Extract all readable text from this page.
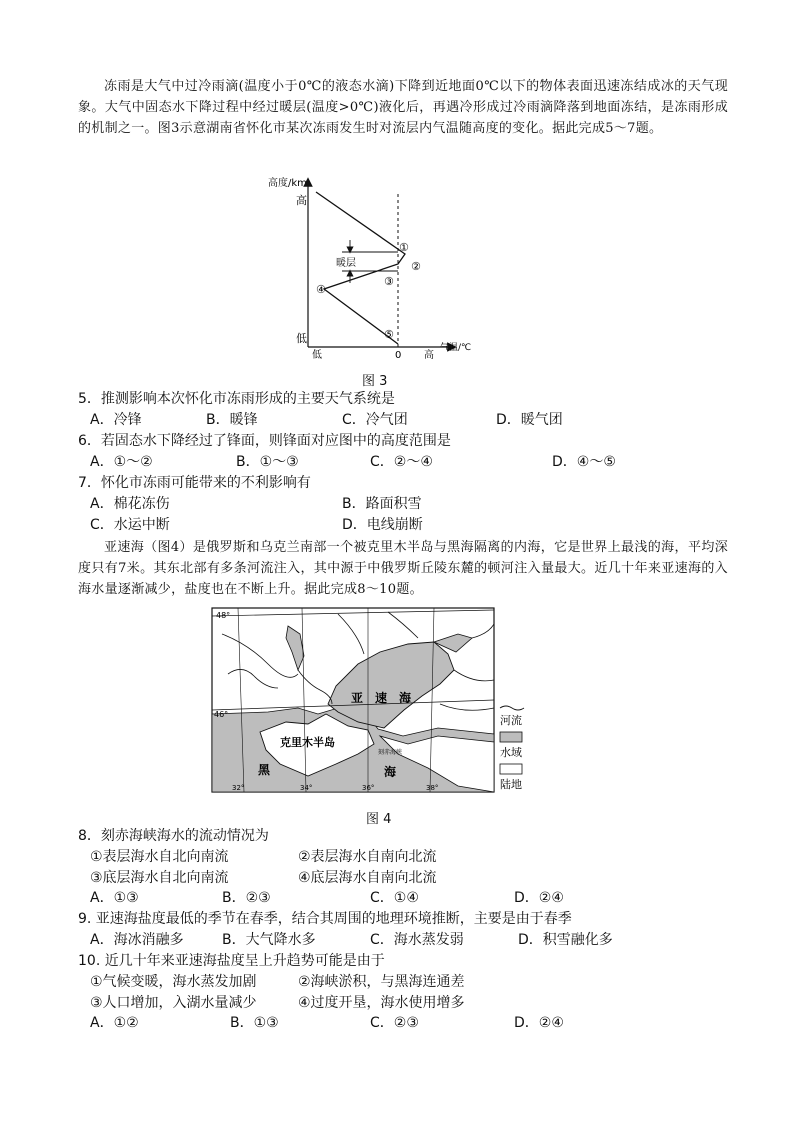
冻雨是大气中过冷雨滴(温度小于0℃的液态水滴)下降到近地面0℃以下的物体表面迅速冻结成冰的天气现象。大气中固态水下降过程中经过暖层(温度>0℃)液化后，再遇冷形成过冷雨滴降落到地面冻结，是冻雨形成的机制之一。图3示意湖南省怀化市某次冻雨发生时对流层内气温随高度的变化。据此完成5～7题。
高度/km
高
低
暖层
①
②
③
④
⑤
低	0 高
气温/℃
图 3
5．推测影响本次怀化市冻雨形成的主要天气系统是
A．冷锋	B．暖锋	C．冷气团	D．暖气团
6．若固态水下降经过了锋面，则锋面对应图中的高度范围是
A．①～②	B．①～③	C．②～④	D．④～⑤
7．怀化市冻雨可能带来的不利影响有
A．棉花冻伤	B．路面积雪
C．水运中断	D．电线崩断
亚速海（图4）是俄罗斯和乌克兰南部一个被克里木半岛与黑海隔离的内海，它是世界上最浅的海，平均深度只有7米。其东北部有多条河流注入，其中源于中俄罗斯丘陵东麓的顿河注入量最大。近几十年来亚速海的入海水量逐渐减少，盐度也在不断上升。据此完成8～10题。
48°
46°
亚　速　海
克里木半岛
刻赤海峡
黑	海
32°	34°	36°	38°
河流
水域
陆地
图 4
8．刻赤海峡海水的流动情况为
①表层海水自北向南流	②表层海水自南向北流
③底层海水自北向南流	④底层海水自南向北流
A．①③	B．②③	C．①④	D．②④
9. 亚速海盐度最低的季节在春季，结合其周围的地理环境推断，主要是由于春季
A．海冰消融多	B．大气降水多	C．海水蒸发弱	D．积雪融化多
10. 近几十年来亚速海盐度呈上升趋势可能是由于
①气候变暖，海水蒸发加剧	②海峡淤积，与黑海连通差
③人口增加，入湖水量减少	④过度开垦，海水使用增多
A．①②	B．①③	C．②③	D．②④
